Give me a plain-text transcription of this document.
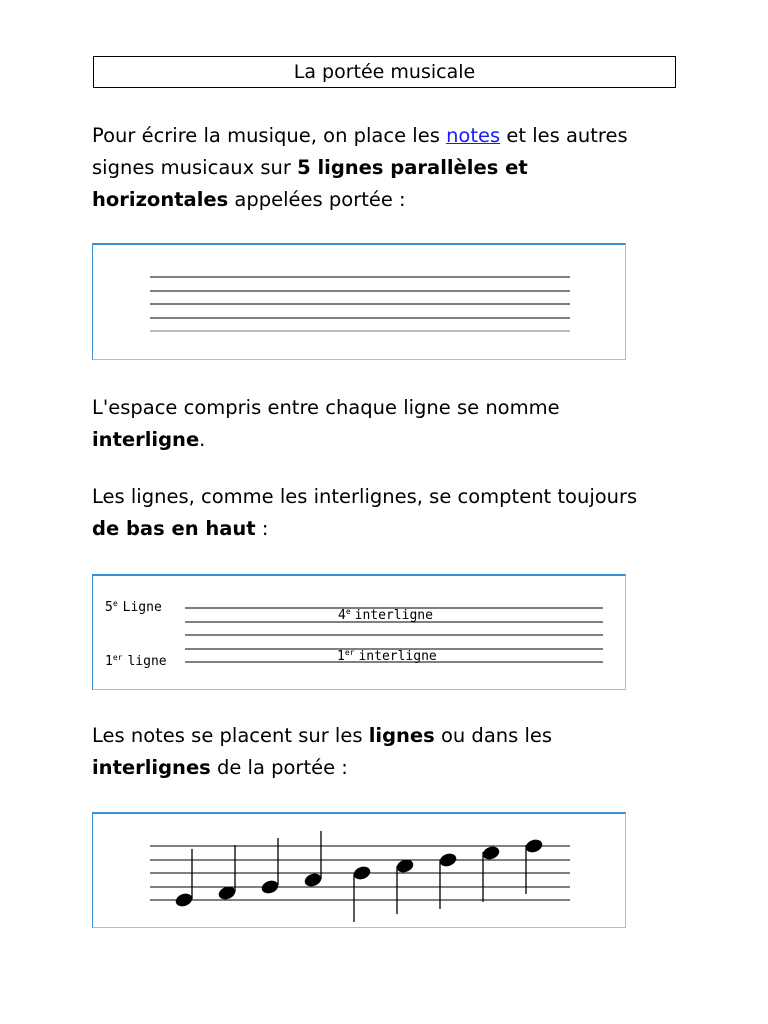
La portée musicale

Pour écrire la musique, on place les notes et les autres signes musicaux sur 5 lignes parallèles et horizontales appelées portée :

L'espace compris entre chaque ligne se nomme interligne.

Les lignes, comme les interlignes, se comptent toujours de bas en haut :

5e Ligne
1er ligne
4e interligne
1er interligne

Les notes se placent sur les lignes ou dans les interlignes de la portée :
